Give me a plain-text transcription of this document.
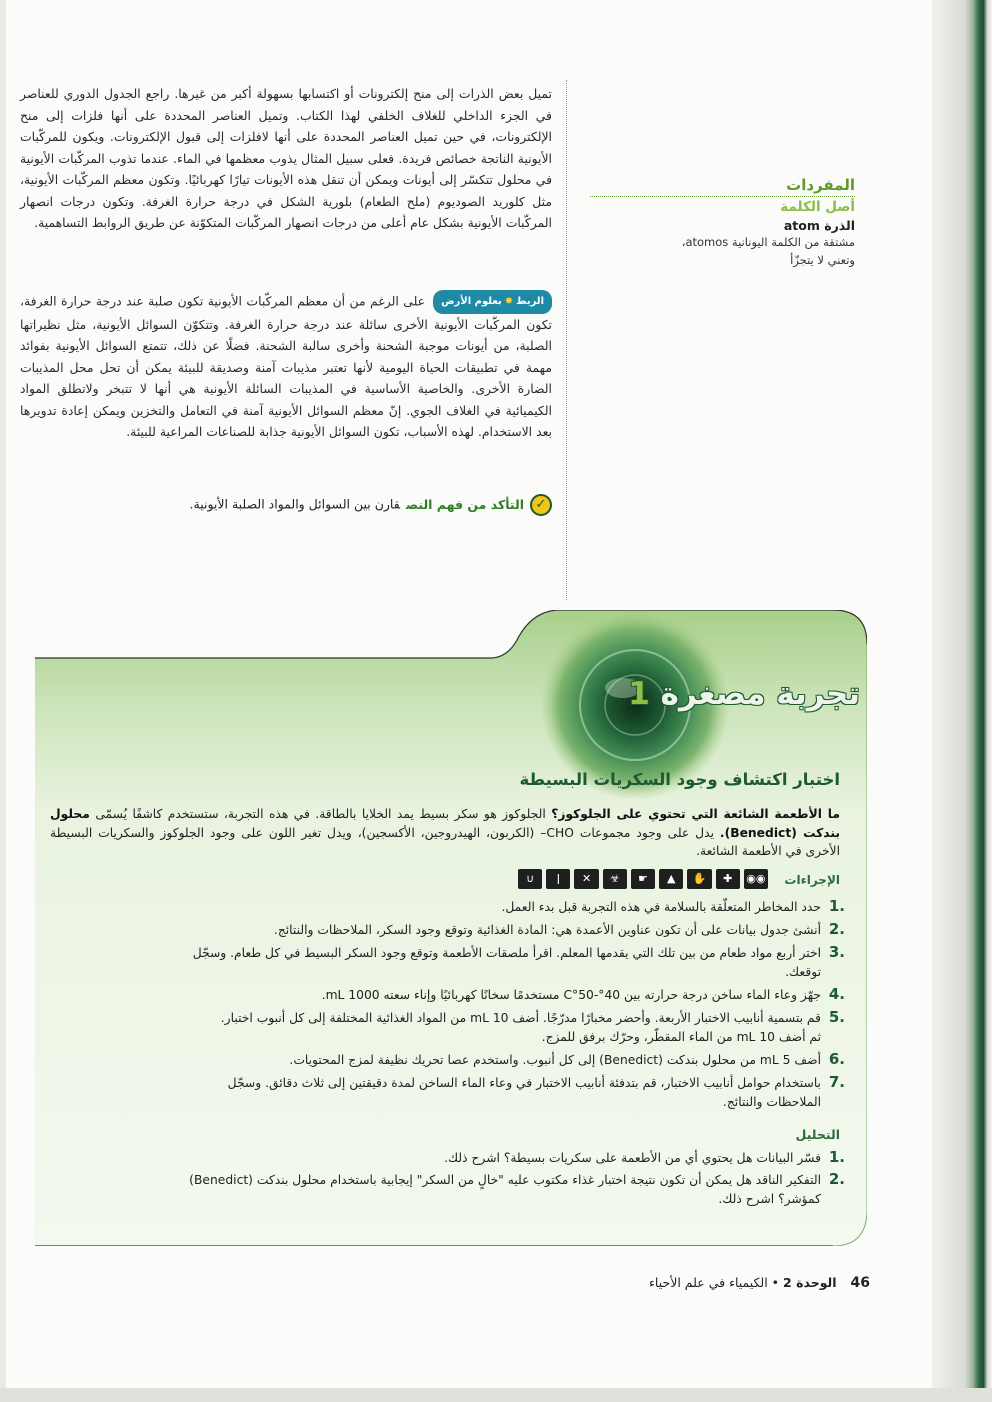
تميل بعض الذرات إلى منح إلكترونات أو اكتسابها بسهولة أكبر من غيرها. راجع الجدول الدوري للعناصر في الجزء الداخلي للغلاف الخلفي لهذا الكتاب. وتميل العناصر المحددة على أنها فلزات إلى منح الإلكترونات، في حين تميل العناصر المحددة على أنها لافلزات إلى قبول الإلكترونات. ويكون للمركّبات الأيونية الناتجة خصائص فريدة. فعلى سبيل المثال يذوب معظمها في الماء. عندما تذوب المركّبات الأيونية في محلول تتكسّر إلى أيونات ويمكن أن تنقل هذه الأيونات تيارًا كهربائيًا. وتكون معظم المركّبات الأيونية، مثل كلوريد الصوديوم (ملح الطعام) بلورية الشكل في درجة حرارة الغرفة. وتكون درجات انصهار المركّبات الأيونية بشكل عام أعلى من درجات انصهار المركّبات المتكوّنة عن طريق الروابط التساهمية.

الربط✸بعلوم الأرضعلى الرغم من أن معظم المركّبات الأيونية تكون صلبة عند درجة حرارة الغرفة، تكون المركّبات الأيونية الأخرى سائلة عند درجة حرارة الغرفة. وتتكوّن السوائل الأيونية، مثل نظيراتها الصلبة، من أيونات موجبة الشحنة وأخرى سالبة الشحنة. فضلًا عن ذلك، تتمتع السوائل الأيونية بفوائد مهمة في تطبيقات الحياة اليومية لأنها تعتبر مذيبات آمنة وصديقة للبيئة يمكن أن تحل محل المذيبات الضارة الأخرى. والخاصية الأساسية في المذيبات السائلة الأيونية هي أنها لا تتبخر ولاتطلق المواد الكيميائية في الغلاف الجوي. إنّ معظم السوائل الأيونية آمنة في التعامل والتخزين ويمكن إعادة تدويرها بعد الاستخدام. لهذه الأسباب، تكون السوائل الأيونية جذابة للصناعات المراعية للبيئة.

✓التأكد من فهم النصقارن بين السوائل والمواد الصلبة الأيونية.
المفردات
أصل الكلمة
الذرة atom
مشتقة من الكلمة اليونانية atomos،
وتعني لا يتجزّأ
تجربة مصغرة 1
اختبار اكتشاف وجود السكريات البسيطة
ما الأطعمة الشائعة التي تحتوي على الجلوكوز؟ الجلوكوز هو سكر بسيط يمد الخلايا بالطاقة. في هذه التجربة، ستستخدم كاشفًا يُسمّى محلول بندكت (Benedict). يدل على وجود مجموعات CHO– (الكربون، الهيدروجين، الأكسجين)، ويدل تغير اللون على وجود الجلوكوز والسكريات البسيطة الأخرى في الأطعمة الشائعة.
الإجراءات
◉◉
✚
✋
▲
☛
☣
✕
ǀ
∪
.1حدد المخاطر المتعلّقة بالسلامة في هذه التجربة قبل بدء العمل.
.2أنشئ جدول بيانات على أن تكون عناوين الأعمدة هي: المادة الغذائية وتوقع وجود السكر، الملاحظات والنتائج.
.3اختر أربع مواد طعام من بين تلك التي يقدمها المعلم. اقرأ ملصقات الأطعمة وتوقع وجود السكر البسيط في كل طعام. وسجّل
توقعك.
.4جهّز وعاء الماء ساخن درجة حرارته بين 40°-50°C مستخدمًا سخانًا كهربائيًا وإناء سعته 1000 mL.
.5قم بتسمية أنابيب الاختبار الأربعة. وأحضر مخبارًا مدرّجًا. أضف 10 mL من المواد الغذائية المختلفة إلى كل أنبوب اختبار.
ثم أضف 10 mL من الماء المقطّر، وحرّك برفق للمزج.
.6أضف 5 mL من محلول بندكت (Benedict) إلى كل أنبوب. واستخدم عصا تحريك نظيفة لمزج المحتويات.
.7باستخدام حوامل أنابيب الاختبار، قم بتدفئة أنابيب الاختبار في وعاء الماء الساخن لمدة دقيقتين إلى ثلاث دقائق. وسجّل
الملاحظات والنتائج.
التحليل
.1فسّر البيانات هل يحتوي أي من الأطعمة على سكريات بسيطة؟ اشرح ذلك.
.2التفكير الناقد هل يمكن أن تكون نتيجة اختبار غذاء مكتوب عليه "خالٍ من السكر" إيجابية باستخدام محلول بندكت (Benedict)
كمؤشر؟ اشرح ذلك.
46 الوحدة 2 • الكيمياء في علم الأحياء
